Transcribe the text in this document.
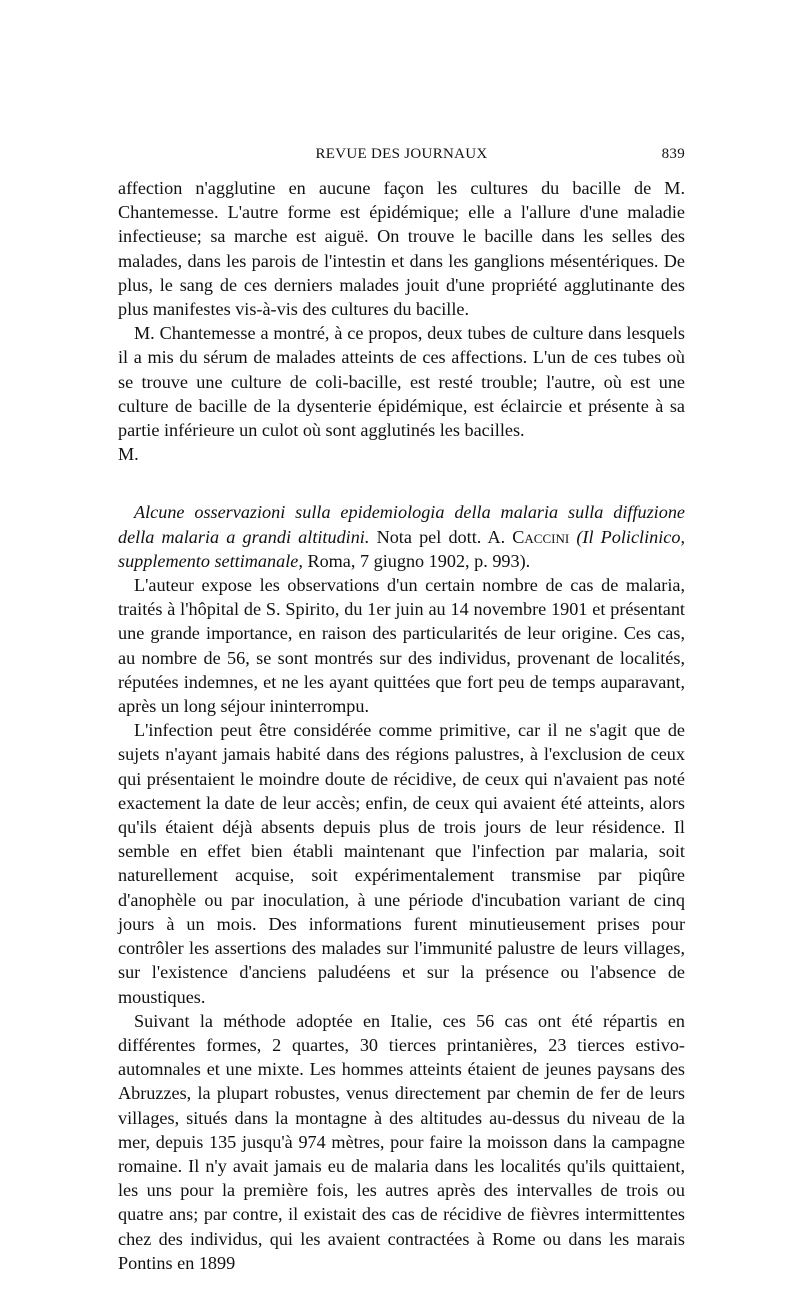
REVUE DES JOURNAUX	839

affection n'agglutine en aucune façon les cultures du bacille de M. Chantemesse. L'autre forme est épidémique; elle a l'allure d'une maladie infectieuse; sa marche est aiguë. On trouve le bacille dans les selles des malades, dans les parois de l'intestin et dans les ganglions mésentériques. De plus, le sang de ces derniers malades jouit d'une propriété agglutinante des plus manifestes vis-à-vis des cultures du bacille.

M. Chantemesse a montré, à ce propos, deux tubes de culture dans lesquels il a mis du sérum de malades atteints de ces affections. L'un de ces tubes où se trouve une culture de coli-bacille, est resté trouble; l'autre, où est une culture de bacille de la dysenterie épidémique, est éclaircie et présente à sa partie inférieure un culot où sont agglutinés les bacilles.

M.

Alcune osservazioni sulla epidemiologia della malaria sulla diffuzione della malaria a grandi altitudini. Nota pel dott. A. Caccini (Il Policlinico, supplemento settimanale, Roma, 7 giugno 1902, p. 993).

L'auteur expose les observations d'un certain nombre de cas de malaria, traités à l'hôpital de S. Spirito, du 1er juin au 14 novembre 1901 et présentant une grande importance, en raison des particularités de leur origine. Ces cas, au nombre de 56, se sont montrés sur des individus, provenant de localités, réputées indemnes, et ne les ayant quittées que fort peu de temps auparavant, après un long séjour ininterrompu.

L'infection peut être considérée comme primitive, car il ne s'agit que de sujets n'ayant jamais habité dans des régions palustres, à l'exclusion de ceux qui présentaient le moindre doute de récidive, de ceux qui n'avaient pas noté exactement la date de leur accès; enfin, de ceux qui avaient été atteints, alors qu'ils étaient déjà absents depuis plus de trois jours de leur résidence. Il semble en effet bien établi maintenant que l'infection par malaria, soit naturellement acquise, soit expérimentalement transmise par piqûre d'anophèle ou par inoculation, à une période d'incubation variant de cinq jours à un mois. Des informations furent minutieusement prises pour contrôler les assertions des malades sur l'immunité palustre de leurs villages, sur l'existence d'anciens paludéens et sur la présence ou l'absence de moustiques.

Suivant la méthode adoptée en Italie, ces 56 cas ont été répartis en différentes formes, 2 quartes, 30 tierces printanières, 23 tierces estivo-automnales et une mixte. Les hommes atteints étaient de jeunes paysans des Abruzzes, la plupart robustes, venus directement par chemin de fer de leurs villages, situés dans la montagne à des altitudes au-dessus du niveau de la mer, depuis 135 jusqu'à 974 mètres, pour faire la moisson dans la campagne romaine. Il n'y avait jamais eu de malaria dans les localités qu'ils quittaient, les uns pour la première fois, les autres après des intervalles de trois ou quatre ans; par contre, il existait des cas de récidive de fièvres intermittentes chez des individus, qui les avaient contractées à Rome ou dans les marais Pontins en 1899
